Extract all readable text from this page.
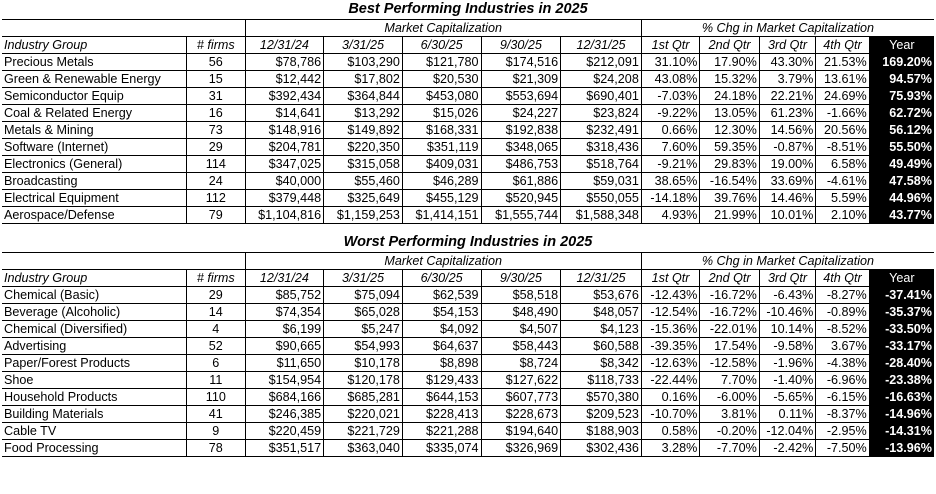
Best Performing Industries in 2025											
		Market Capitalization					% Chg in Market Capitalization				
Industry Group	# firms	12/31/24	3/31/25	6/30/25	9/30/25	12/31/25	1st Qtr	2nd Qtr	3rd Qtr	4th Qtr	Year
Precious Metals	56	$78,786	$103,290	$121,780	$174,516	$212,091	31.10%	17.90%	43.30%	21.53%	169.20%
Green & Renewable Energy	15	$12,442	$17,802	$20,530	$21,309	$24,208	43.08%	15.32%	3.79%	13.61%	94.57%
Semiconductor Equip	31	$392,434	$364,844	$453,080	$553,694	$690,401	-7.03%	24.18%	22.21%	24.69%	75.93%
Coal & Related Energy	16	$14,641	$13,292	$15,026	$24,227	$23,824	-9.22%	13.05%	61.23%	-1.66%	62.72%
Metals & Mining	73	$148,916	$149,892	$168,331	$192,838	$232,491	0.66%	12.30%	14.56%	20.56%	56.12%
Software (Internet)	29	$204,781	$220,350	$351,119	$348,065	$318,436	7.60%	59.35%	-0.87%	-8.51%	55.50%
Electronics (General)	114	$347,025	$315,058	$409,031	$486,753	$518,764	-9.21%	29.83%	19.00%	6.58%	49.49%
Broadcasting	24	$40,000	$55,460	$46,289	$61,886	$59,031	38.65%	-16.54%	33.69%	-4.61%	47.58%
Electrical Equipment	112	$379,448	$325,649	$455,129	$520,945	$550,055	-14.18%	39.76%	14.46%	5.59%	44.96%
Aerospace/Defense	79	$1,104,816	$1,159,253	$1,414,151	$1,555,744	$1,588,348	4.93%	21.99%	10.01%	2.10%	43.77%
Worst Performing Industries in 2025											
		Market Capitalization					% Chg in Market Capitalization				
Industry Group	# firms	12/31/24	3/31/25	6/30/25	9/30/25	12/31/25	1st Qtr	2nd Qtr	3rd Qtr	4th Qtr	Year
Chemical (Basic)	29	$85,752	$75,094	$62,539	$58,518	$53,676	-12.43%	-16.72%	-6.43%	-8.27%	-37.41%
Beverage (Alcoholic)	14	$74,354	$65,028	$54,153	$48,490	$48,057	-12.54%	-16.72%	-10.46%	-0.89%	-35.37%
Chemical (Diversified)	4	$6,199	$5,247	$4,092	$4,507	$4,123	-15.36%	-22.01%	10.14%	-8.52%	-33.50%
Advertising	52	$90,665	$54,993	$64,637	$58,443	$60,588	-39.35%	17.54%	-9.58%	3.67%	-33.17%
Paper/Forest Products	6	$11,650	$10,178	$8,898	$8,724	$8,342	-12.63%	-12.58%	-1.96%	-4.38%	-28.40%
Shoe	11	$154,954	$120,178	$129,433	$127,622	$118,733	-22.44%	7.70%	-1.40%	-6.96%	-23.38%
Household Products	110	$684,166	$685,281	$644,153	$607,773	$570,380	0.16%	-6.00%	-5.65%	-6.15%	-16.63%
Building Materials	41	$246,385	$220,021	$228,413	$228,673	$209,523	-10.70%	3.81%	0.11%	-8.37%	-14.96%
Cable TV	9	$220,459	$221,729	$221,288	$194,640	$188,903	0.58%	-0.20%	-12.04%	-2.95%	-14.31%
Food Processing	78	$351,517	$363,040	$335,074	$326,969	$302,436	3.28%	-7.70%	-2.42%	-7.50%	-13.96%
